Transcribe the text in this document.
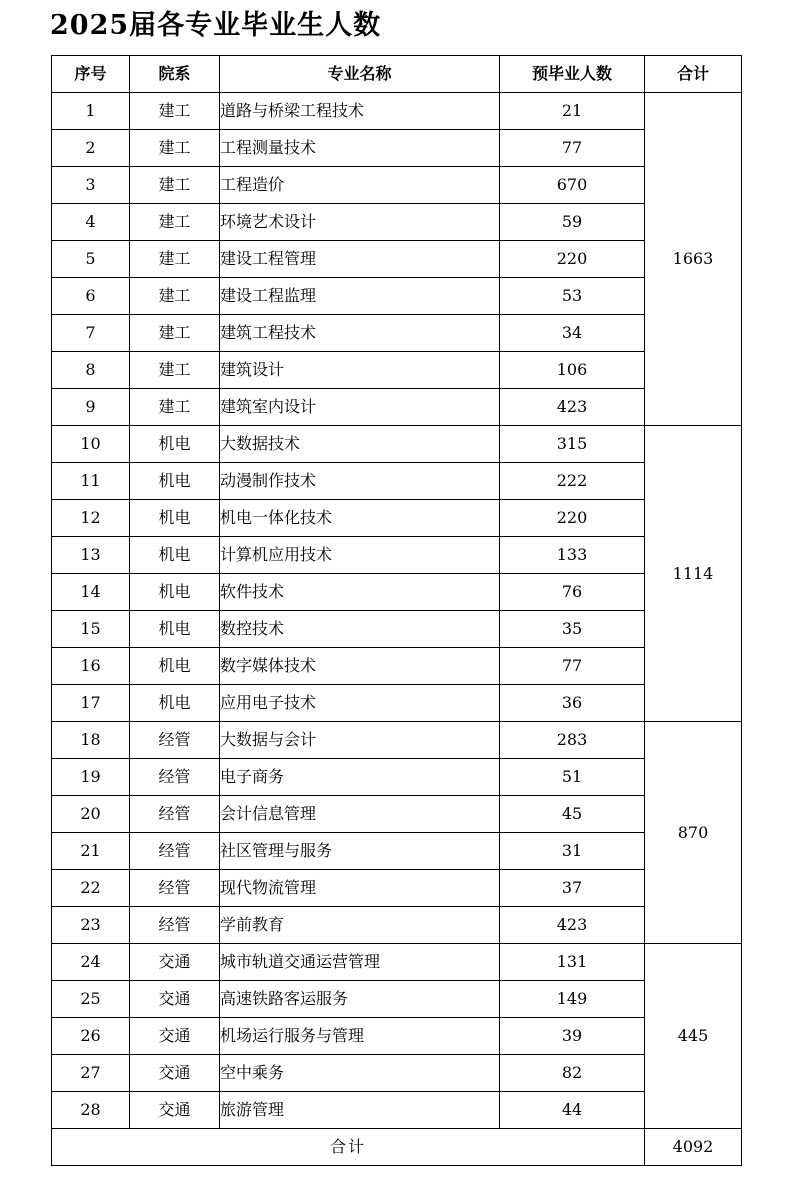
2025届各专业毕业生人数
序号	院系	专业名称	预毕业人数	合计
1	建工	道路与桥梁工程技术	21	1663
2	建工	工程测量技术	77	
3	建工	工程造价	670	
4	建工	环境艺术设计	59	
5	建工	建设工程管理	220	
6	建工	建设工程监理	53	
7	建工	建筑工程技术	34	
8	建工	建筑设计	106	
9	建工	建筑室内设计	423	
10	机电	大数据技术	315	1114
11	机电	动漫制作技术	222	
12	机电	机电一体化技术	220	
13	机电	计算机应用技术	133	
14	机电	软件技术	76	
15	机电	数控技术	35	
16	机电	数字媒体技术	77	
17	机电	应用电子技术	36	
18	经管	大数据与会计	283	870
19	经管	电子商务	51	
20	经管	会计信息管理	45	
21	经管	社区管理与服务	31	
22	经管	现代物流管理	37	
23	经管	学前教育	423	
24	交通	城市轨道交通运营管理	131	445
25	交通	高速铁路客运服务	149	
26	交通	机场运行服务与管理	39	
27	交通	空中乘务	82	
28	交通	旅游管理	44	
合计				4092
